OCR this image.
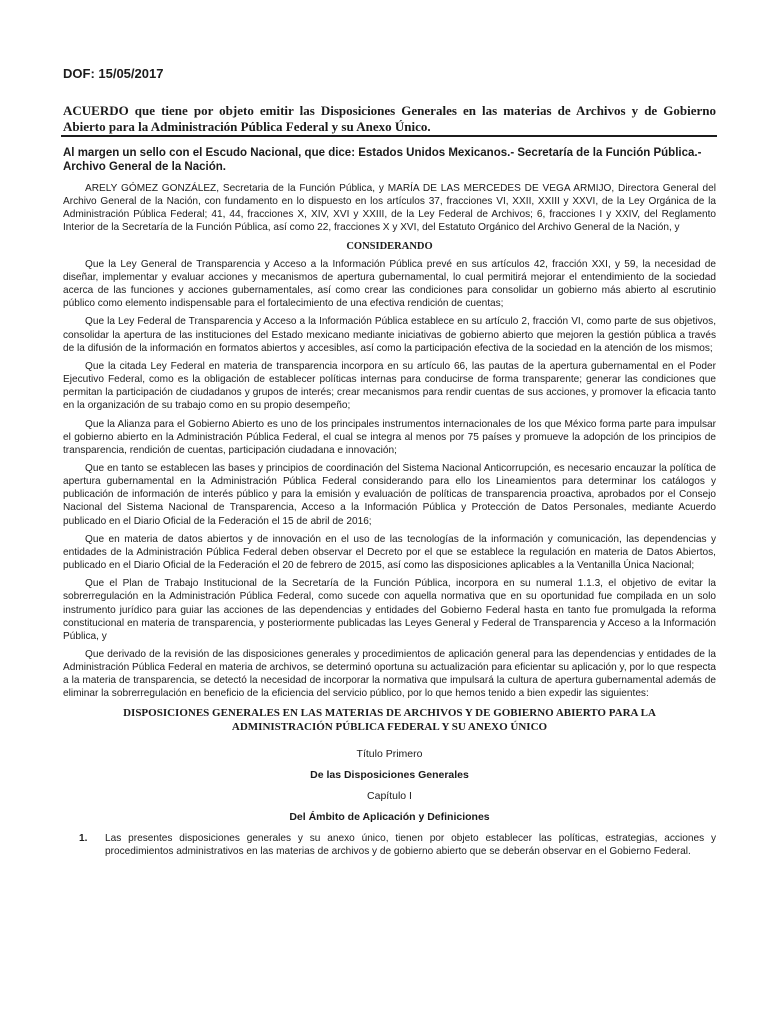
DOF: 15/05/2017
ACUERDO que tiene por objeto emitir las Disposiciones Generales en las materias de Archivos y de Gobierno Abierto para la Administración Pública Federal y su Anexo Único.
Al margen un sello con el Escudo Nacional, que dice: Estados Unidos Mexicanos.- Secretaría de la Función Pública.- Archivo General de la Nación.

ARELY GÓMEZ GONZÁLEZ, Secretaria de la Función Pública, y MARÍA DE LAS MERCEDES DE VEGA ARMIJO, Directora General del Archivo General de la Nación, con fundamento en lo dispuesto en los artículos 37, fracciones VI, XXII, XXIII y XXVI, de la Ley Orgánica de la Administración Pública Federal; 41, 44, fracciones X, XIV, XVI y XXIII, de la Ley Federal de Archivos; 6, fracciones I y XXIV, del Reglamento Interior de la Secretaría de la Función Pública, así como 22, fracciones X y XVI, del Estatuto Orgánico del Archivo General de la Nación, y

CONSIDERANDO

Que la Ley General de Transparencia y Acceso a la Información Pública prevé en sus artículos 42, fracción XXI, y 59, la necesidad de diseñar, implementar y evaluar acciones y mecanismos de apertura gubernamental, lo cual permitirá mejorar el entendimiento de la sociedad acerca de las funciones y acciones gubernamentales, así como crear las condiciones para consolidar un gobierno más abierto al escrutinio público como elemento indispensable para el fortalecimiento de una efectiva rendición de cuentas;

Que la Ley Federal de Transparencia y Acceso a la Información Pública establece en su artículo 2, fracción VI, como parte de sus objetivos, consolidar la apertura de las instituciones del Estado mexicano mediante iniciativas de gobierno abierto que mejoren la gestión pública a través de la difusión de la información en formatos abiertos y accesibles, así como la participación efectiva de la sociedad en la atención de los mismos;

Que la citada Ley Federal en materia de transparencia incorpora en su artículo 66, las pautas de la apertura gubernamental en el Poder Ejecutivo Federal, como es la obligación de establecer políticas internas para conducirse de forma transparente; generar las condiciones que permitan la participación de ciudadanos y grupos de interés; crear mecanismos para rendir cuentas de sus acciones, y promover la eficacia tanto en la organización de su trabajo como en su propio desempeño;

Que la Alianza para el Gobierno Abierto es uno de los principales instrumentos internacionales de los que México forma parte para impulsar el gobierno abierto en la Administración Pública Federal, el cual se integra al menos por 75 países y promueve la adopción de los principios de transparencia, rendición de cuentas, participación ciudadana e innovación;

Que en tanto se establecen las bases y principios de coordinación del Sistema Nacional Anticorrupción, es necesario encauzar la política de apertura gubernamental en la Administración Pública Federal considerando para ello los Lineamientos para determinar los catálogos y publicación de información de interés público y para la emisión y evaluación de políticas de transparencia proactiva, aprobados por el Consejo Nacional del Sistema Nacional de Transparencia, Acceso a la Información Pública y Protección de Datos Personales, mediante Acuerdo publicado en el Diario Oficial de la Federación el 15 de abril de 2016;

Que en materia de datos abiertos y de innovación en el uso de las tecnologías de la información y comunicación, las dependencias y entidades de la Administración Pública Federal deben observar el Decreto por el que se establece la regulación en materia de Datos Abiertos, publicado en el Diario Oficial de la Federación el 20 de febrero de 2015, así como las disposiciones aplicables a la Ventanilla Única Nacional;

Que el Plan de Trabajo Institucional de la Secretaría de la Función Pública, incorpora en su numeral 1.1.3, el objetivo de evitar la sobrerregulación en la Administración Pública Federal, como sucede con aquella normativa que en su oportunidad fue compilada en un solo instrumento jurídico para guiar las acciones de las dependencias y entidades del Gobierno Federal hasta en tanto fue promulgada la reforma constitucional en materia de transparencia, y posteriormente publicadas las Leyes General y Federal de Transparencia y Acceso a la Información Pública, y

Que derivado de la revisión de las disposiciones generales y procedimientos de aplicación general para las dependencias y entidades de la Administración Pública Federal en materia de archivos, se determinó oportuna su actualización para eficientar su aplicación y, por lo que respecta a la materia de transparencia, se detectó la necesidad de incorporar la normativa que impulsará la cultura de apertura gubernamental además de eliminar la sobrerregulación en beneficio de la eficiencia del servicio público, por lo que hemos tenido a bien expedir las siguientes:

DISPOSICIONES GENERALES EN LAS MATERIAS DE ARCHIVOS Y DE GOBIERNO ABIERTO PARA LA ADMINISTRACIÓN PÚBLICA FEDERAL Y SU ANEXO ÚNICO
Título Primero
De las Disposiciones Generales
Capítulo I
Del Ámbito de Aplicación y Definiciones
1.	Las presentes disposiciones generales y su anexo único, tienen por objeto establecer las políticas, estrategias, acciones y procedimientos administrativos en las materias de archivos y de gobierno abierto que se deberán observar en el Gobierno Federal.
